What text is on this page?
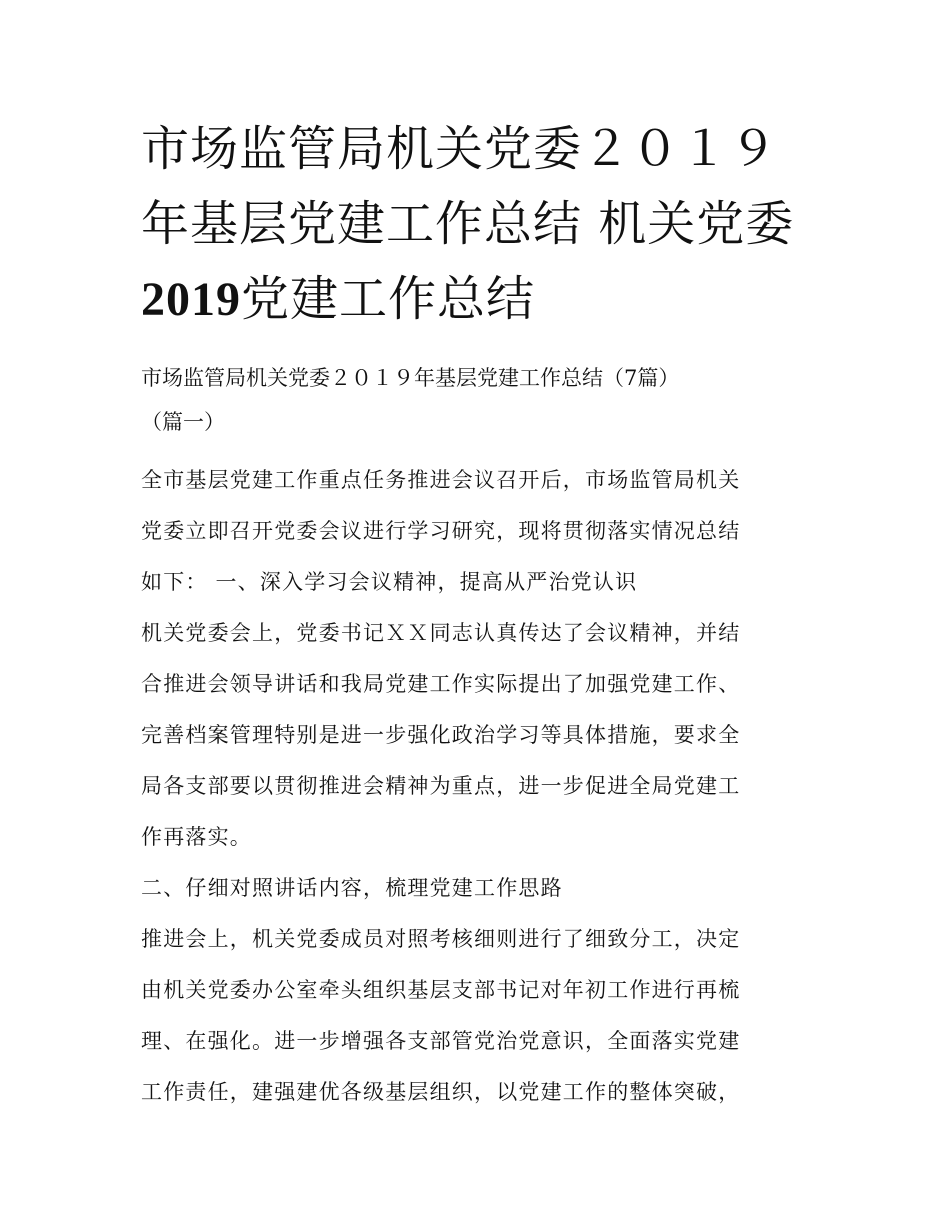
市场监管局机关党委２０１９
年基层党建工作总结 机关党委
2019党建工作总结
市场监管局机关党委２０１９年基层党建工作总结（7篇）
（篇一）
全市基层党建工作重点任务推进会议召开后，市场监管局机关
党委立即召开党委会议进行学习研究，现将贯彻落实情况总结
如下： 一、深入学习会议精神，提高从严治党认识
机关党委会上，党委书记ＸＸ同志认真传达了会议精神，并结
合推进会领导讲话和我局党建工作实际提出了加强党建工作、
完善档案管理特别是进一步强化政治学习等具体措施，要求全
局各支部要以贯彻推进会精神为重点，进一步促进全局党建工
作再落实。
二、仔细对照讲话内容，梳理党建工作思路
推进会上，机关党委成员对照考核细则进行了细致分工，决定
由机关党委办公室牵头组织基层支部书记对年初工作进行再梳
理、在强化。进一步增强各支部管党治党意识，全面落实党建
工作责任，建强建优各级基层组织，以党建工作的整体突破，
